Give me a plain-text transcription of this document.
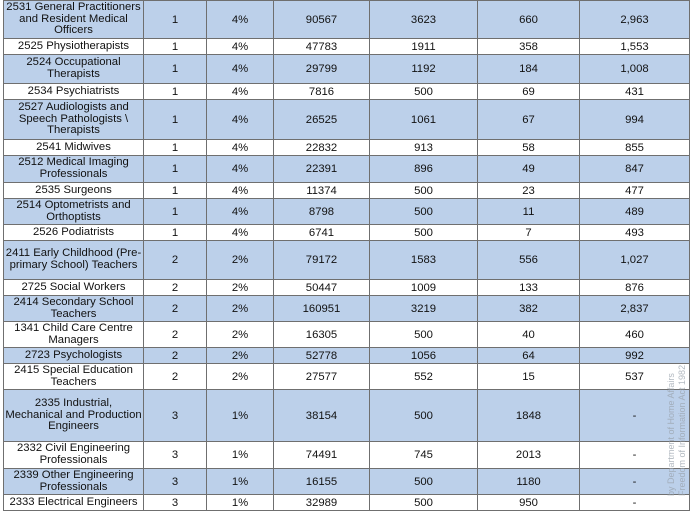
2531 General Practitioners and Resident Medical Officers	1	4%	90567	3623	660	2,963
2525 Physiotherapists	1	4%	47783	1911	358	1,553
2524 Occupational Therapists	1	4%	29799	1192	184	1,008
2534 Psychiatrists	1	4%	7816	500	69	431
2527 Audiologists and Speech Pathologists \ Therapists	1	4%	26525	1061	67	994
2541 Midwives	1	4%	22832	913	58	855
2512 Medical Imaging Professionals	1	4%	22391	896	49	847
2535 Surgeons	1	4%	11374	500	23	477
2514 Optometrists and Orthoptists	1	4%	8798	500	11	489
2526 Podiatrists	1	4%	6741	500	7	493
2411 Early Childhood (Pre-primary School) Teachers	2	2%	79172	1583	556	1,027
2725 Social Workers	2	2%	50447	1009	133	876
2414 Secondary School Teachers	2	2%	160951	3219	382	2,837
1341 Child Care Centre Managers	2	2%	16305	500	40	460
2723 Psychologists	2	2%	52778	1056	64	992
2415 Special Education Teachers	2	2%	27577	552	15	537
2335 Industrial, Mechanical and Production Engineers	3	1%	38154	500	1848	-
2332 Civil Engineering Professionals	3	1%	74491	745	2013	-
2339 Other Engineering Professionals	3	1%	16155	500	1180	-
2333 Electrical Engineers	3	1%	32989	500	950	-
by Department of Home Affairs Freedom of Information Act 1982
